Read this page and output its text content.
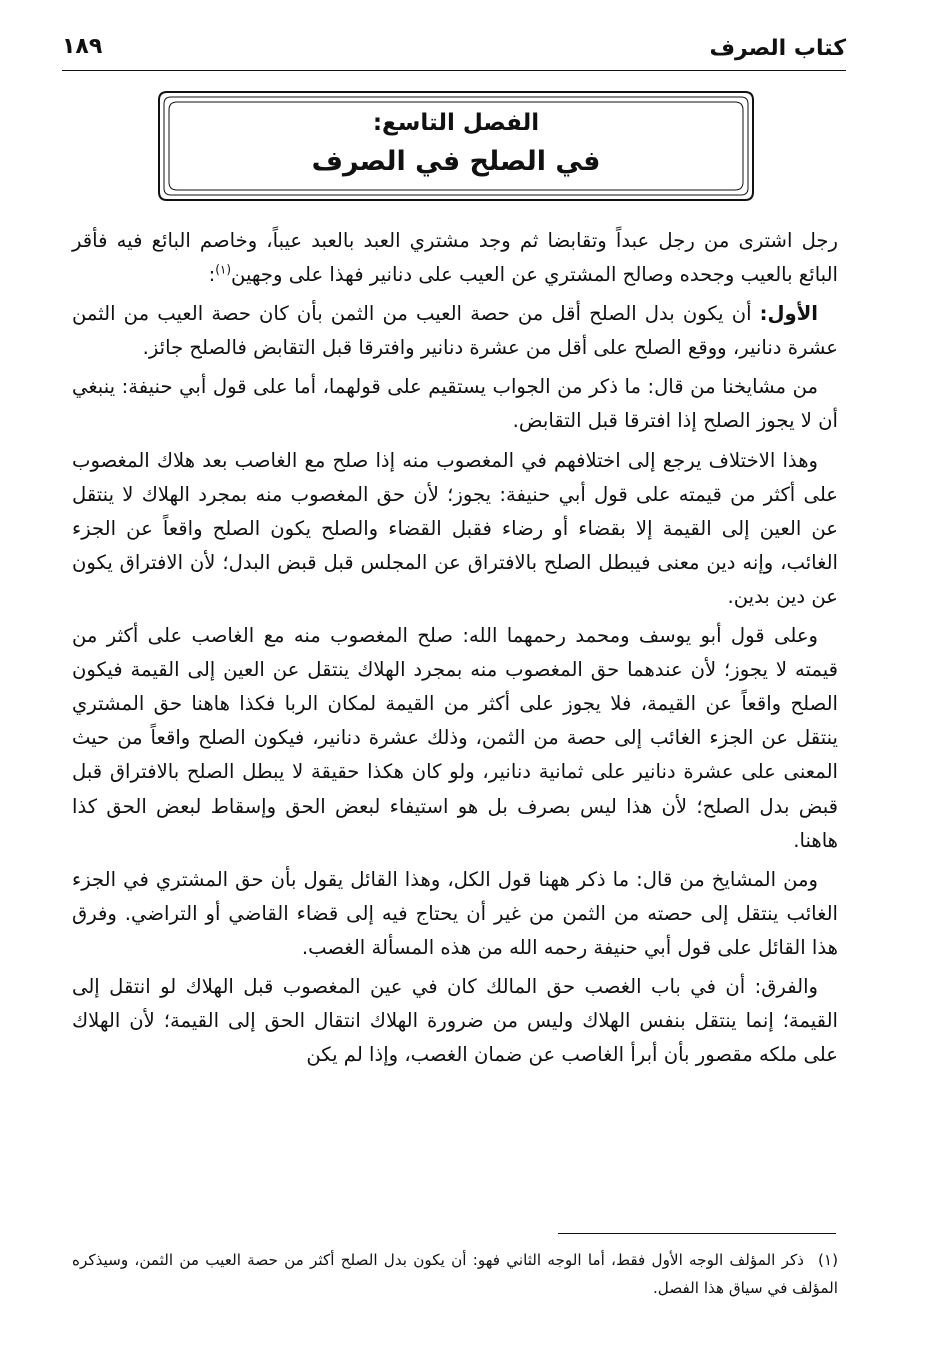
كتاب الصرف
١٨٩
الفصل التاسع:
في الصلح في الصرف

رجل اشترى من رجل عبداً وتقابضا ثم وجد مشتري العبد بالعبد عيباً، وخاصم البائع فيه فأقر البائع بالعيب وجحده وصالح المشتري عن العيب على دنانير فهذا على وجهين$^{(١)}$:

الأول: أن يكون بدل الصلح أقل من حصة العيب من الثمن بأن كان حصة العيب من الثمن عشرة دنانير، ووقع الصلح على أقل من عشرة دنانير وافترقا قبل التقابض فالصلح جائز.

من مشايخنا من قال: ما ذكر من الجواب يستقيم على قولهما، أما على قول أبي حنيفة: ينبغي أن لا يجوز الصلح إذا افترقا قبل التقابض.

وهذا الاختلاف يرجع إلى اختلافهم في المغصوب منه إذا صلح مع الغاصب بعد هلاك المغصوب على أكثر من قيمته على قول أبي حنيفة: يجوز؛ لأن حق المغصوب منه بمجرد الهلاك لا ينتقل عن العين إلى القيمة إلا بقضاء أو رضاء فقبل القضاء والصلح يكون الصلح واقعاً عن الجزء الغائب، وإنه دين معنى فيبطل الصلح بالافتراق عن المجلس قبل قبض البدل؛ لأن الافتراق يكون عن دين بدين.

وعلى قول أبو يوسف ومحمد رحمهما الله: صلح المغصوب منه مع الغاصب على أكثر من قيمته لا يجوز؛ لأن عندهما حق المغصوب منه بمجرد الهلاك ينتقل عن العين إلى القيمة فيكون الصلح واقعاً عن القيمة، فلا يجوز على أكثر من القيمة لمكان الربا فكذا هاهنا حق المشتري ينتقل عن الجزء الغائب إلى حصة من الثمن، وذلك عشرة دنانير، فيكون الصلح واقعاً من حيث المعنى على عشرة دنانير على ثمانية دنانير، ولو كان هكذا حقيقة لا يبطل الصلح بالافتراق قبل قبض بدل الصلح؛ لأن هذا ليس بصرف بل هو استيفاء لبعض الحق وإسقاط لبعض الحق كذا هاهنا.

ومن المشايخ من قال: ما ذكر ههنا قول الكل، وهذا القائل يقول بأن حق المشتري في الجزء الغائب ينتقل إلى حصته من الثمن من غير أن يحتاج فيه إلى قضاء القاضي أو التراضي. وفرق هذا القائل على قول أبي حنيفة رحمه الله من هذه المسألة الغصب.

والفرق: أن في باب الغصب حق المالك كان في عين المغصوب قبل الهلاك لو انتقل إلى القيمة؛ إنما ينتقل بنفس الهلاك وليس من ضرورة الهلاك انتقال الحق إلى القيمة؛ لأن الهلاك على ملكه مقصور بأن أبرأ الغاصب عن ضمان الغصب، وإذا لم يكن

(١)ذكر المؤلف الوجه الأول فقط، أما الوجه الثاني فهو: أن يكون بدل الصلح أكثر من حصة العيب من الثمن، وسيذكره المؤلف في سياق هذا الفصل.
